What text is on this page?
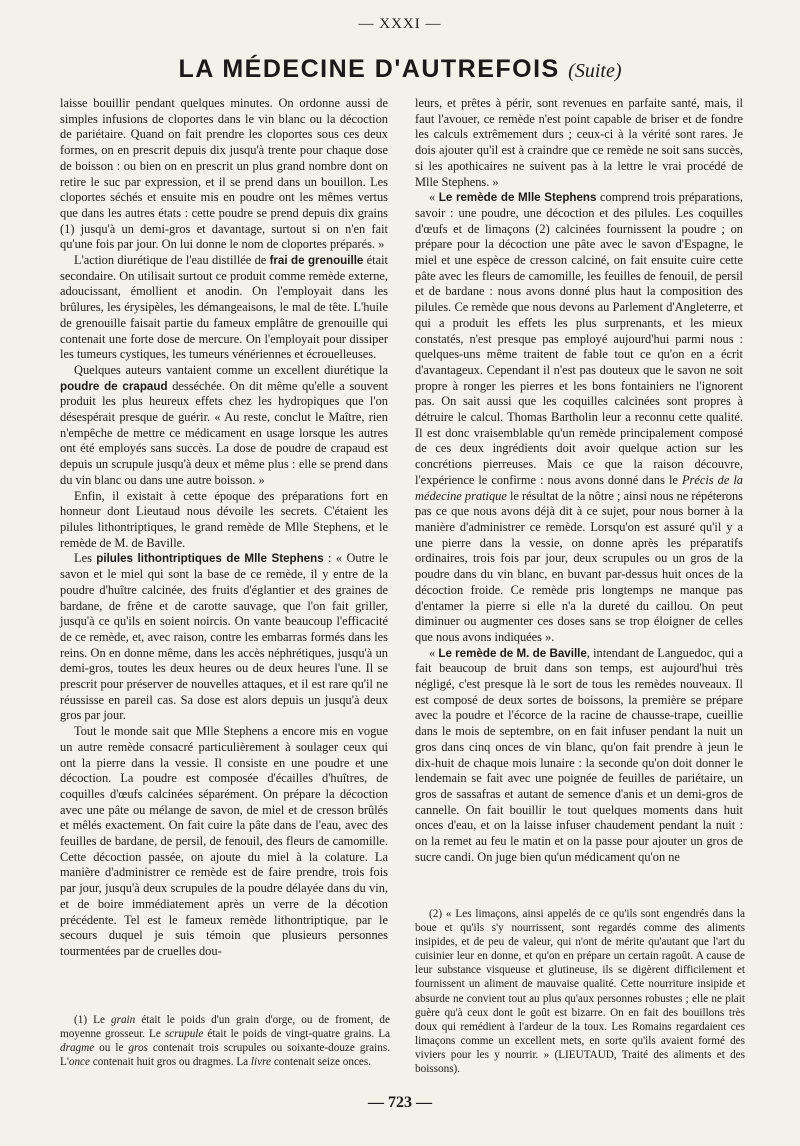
— XXXI —
LA MÉDECINE D'AUTREFOIS (Suite)

laisse bouillir pendant quelques minutes. On ordonne aussi de simples infusions de cloportes dans le vin blanc ou la décoction de pariétaire. Quand on fait prendre les cloportes sous ces deux formes, on en prescrit depuis dix jusqu'à trente pour chaque dose de boisson : ou bien on en prescrit un plus grand nombre dont on retire le suc par expression, et il se prend dans un bouillon. Les cloportes séchés et ensuite mis en poudre ont les mêmes vertus que dans les autres états : cette poudre se prend depuis dix grains (1) jusqu'à un demi-gros et davantage, surtout si on n'en fait qu'une fois par jour. On lui donne le nom de cloportes préparés. »

L'action diurétique de l'eau distillée de frai de grenouille était secondaire. On utilisait surtout ce produit comme remède externe, adoucissant, émollient et anodin. On l'employait dans les brûlures, les érysipèles, les démangeaisons, le mal de tête. L'huile de grenouille faisait partie du fameux emplâtre de grenouille qui contenait une forte dose de mercure. On l'employait pour dissiper les tumeurs cystiques, les tumeurs vénériennes et écrouelleuses.

Quelques auteurs vantaient comme un excellent diurétique la poudre de crapaud desséchée. On dit même qu'elle a souvent produit les plus heureux effets chez les hydropiques que l'on désespérait presque de guérir. « Au reste, conclut le Maître, rien n'empêche de mettre ce médicament en usage lorsque les autres ont été employés sans succès. La dose de poudre de crapaud est depuis un scrupule jusqu'à deux et même plus : elle se prend dans du vin blanc ou dans une autre boisson. »

Enfin, il existait à cette époque des préparations fort en honneur dont Lieutaud nous dévoile les secrets. C'étaient les pilules lithontriptiques, le grand remède de Mlle Stephens, et le remède de M. de Baville.

Les pilules lithontriptiques de Mlle Stephens : « Outre le savon et le miel qui sont la base de ce remède, il y entre de la poudre d'huître calcinée, des fruits d'églantier et des graines de bardane, de frêne et de carotte sauvage, que l'on fait griller, jusqu'à ce qu'ils en soient noircis. On vante beaucoup l'efficacité de ce remède, et, avec raison, contre les embarras formés dans les reins. On en donne même, dans les accès néphrétiques, jusqu'à un demi-gros, toutes les deux heures ou de deux heures l'une. Il se prescrit pour préserver de nouvelles attaques, et il est rare qu'il ne réussisse en pareil cas. Sa dose est alors depuis un jusqu'à deux gros par jour.

Tout le monde sait que Mlle Stephens a encore mis en vogue un autre remède consacré particulièrement à soulager ceux qui ont la pierre dans la vessie. Il consiste en une poudre et une décoction. La poudre est composée d'écailles d'huîtres, de coquilles d'œufs calcinées séparément. On prépare la décoction avec une pâte ou mélange de savon, de miel et de cresson brûlés et mêlés exactement. On fait cuire la pâte dans de l'eau, avec des feuilles de bardane, de persil, de fenouil, des fleurs de camomille. Cette décoction passée, on ajoute du miel à la colature. La manière d'administrer ce remède est de faire prendre, trois fois par jour, jusqu'à deux scrupules de la poudre délayée dans du vin, et de boire immédiatement après un verre de la décotion précédente. Tel est le fameux remède lithontriptique, par le secours duquel je suis témoin que plusieurs personnes tourmentées par de cruelles dou-

leurs, et prêtes à périr, sont revenues en parfaite santé, mais, il faut l'avouer, ce remède n'est point capable de briser et de fondre les calculs extrêmement durs ; ceux-ci à la vérité sont rares. Je dois ajouter qu'il est à craindre que ce remède ne soit sans succès, si les apothicaires ne suivent pas à la lettre le vrai procédé de Mlle Stephens. »

« Le remède de Mlle Stephens comprend trois préparations, savoir : une poudre, une décoction et des pilules. Les coquilles d'œufs et de limaçons (2) calcinées fournissent la poudre ; on prépare pour la décoction une pâte avec le savon d'Espagne, le miel et une espèce de cresson calciné, on fait ensuite cuire cette pâte avec les fleurs de camomille, les feuilles de fenouil, de persil et de bardane : nous avons donné plus haut la composition des pilules. Ce remède que nous devons au Parlement d'Angleterre, et qui a produit les effets les plus surprenants, et les mieux constatés, n'est presque pas employé aujourd'hui parmi nous : quelques-uns même traitent de fable tout ce qu'on en a écrit d'avantageux. Cependant il n'est pas douteux que le savon ne soit propre à ronger les pierres et les bons fontainiers ne l'ignorent pas. On sait aussi que les coquilles calcinées sont propres à détruire le calcul. Thomas Bartholin leur a reconnu cette qualité. Il est donc vraisemblable qu'un remède principalement composé de ces deux ingrédients doit avoir quelque action sur les concrétions pierreuses. Mais ce que la raison découvre, l'expérience le confirme : nous avons donné dans le Précis de la médecine pratique le résultat de la nôtre ; ainsi nous ne répéterons pas ce que nous avons déjà dit à ce sujet, pour nous borner à la manière d'administrer ce remède. Lorsqu'on est assuré qu'il y a une pierre dans la vessie, on donne après les préparatifs ordinaires, trois fois par jour, deux scrupules ou un gros de la poudre dans du vin blanc, en buvant par-dessus huit onces de la décoction froide. Ce remède pris longtemps ne manque pas d'entamer la pierre si elle n'a la dureté du caillou. On peut diminuer ou augmenter ces doses sans se trop éloigner de celles que nous avons indiquées ».

« Le remède de M. de Baville, intendant de Languedoc, qui a fait beaucoup de bruit dans son temps, est aujourd'hui très négligé, c'est presque là le sort de tous les remèdes nouveaux. Il est composé de deux sortes de boissons, la première se prépare avec la poudre et l'écorce de la racine de chausse-trape, cueillie dans le mois de septembre, on en fait infuser pendant la nuit un gros dans cinq onces de vin blanc, qu'on fait prendre à jeun le dix-huit de chaque mois lunaire : la seconde qu'on doit donner le lendemain se fait avec une poignée de feuilles de pariétaire, un gros de sassafras et autant de semence d'anis et un demi-gros de cannelle. On fait bouillir le tout quelques moments dans huit onces d'eau, et on la laisse infuser chaudement pendant la nuit : on la remet au feu le matin et on la passe pour ajouter un gros de sucre candi. On juge bien qu'un médicament qu'on ne

(2) « Les limaçons, ainsi appelés de ce qu'ils sont engendrés dans la boue et qu'ils s'y nourrissent, sont regardés comme des aliments insipides, et de peu de valeur, qui n'ont de mérite qu'autant que l'art du cuisinier leur en donne, et qu'on en prépare un certain ragoût. A cause de leur substance visqueuse et glutineuse, ils se digèrent difficilement et fournissent un aliment de mauvaise qualité. Cette nourriture insipide et absurde ne convient tout au plus qu'aux personnes robustes ; elle ne plait guère qu'à ceux dont le goût est bizarre. On en fait des bouillons très doux qui remédient à l'ardeur de la toux. Les Romains regardaient ces limaçons comme un excellent mets, en sorte qu'ils avaient formé des viviers pour les y nourrir. » (LIEUTAUD, Traité des aliments et des boissons).

(1) Le grain était le poids d'un grain d'orge, ou de froment, de moyenne grosseur. Le scrupule était le poids de vingt-quatre grains. La dragme ou le gros contenait trois scrupules ou soixante-douze grains. L'once contenait huit gros ou dragmes. La livre contenait seize onces.

— 723 —
